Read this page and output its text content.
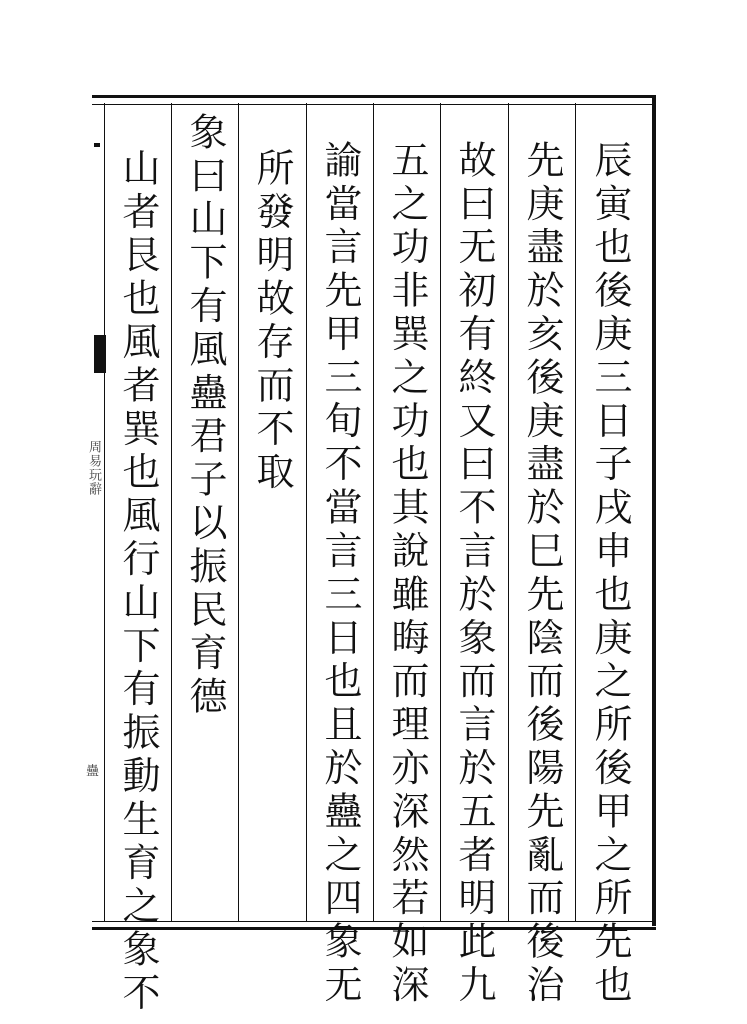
周易玩辭
蠱	辰寅也後庚三日子戌申也庚之所後甲之所先也
先庚盡於亥後庚盡於巳先陰而後陽先亂而後治
故曰无初有終又曰不言於象而言於五者明此九
五之功非巽之功也其說雖晦而理亦深然若如深
諭當言先甲三旬不當言三日也且於蠱之四象无
所發明故存而不取
象曰山下有風蠱君子以振民育德
山者艮也風者巽也風行山下有振動生育之象不
